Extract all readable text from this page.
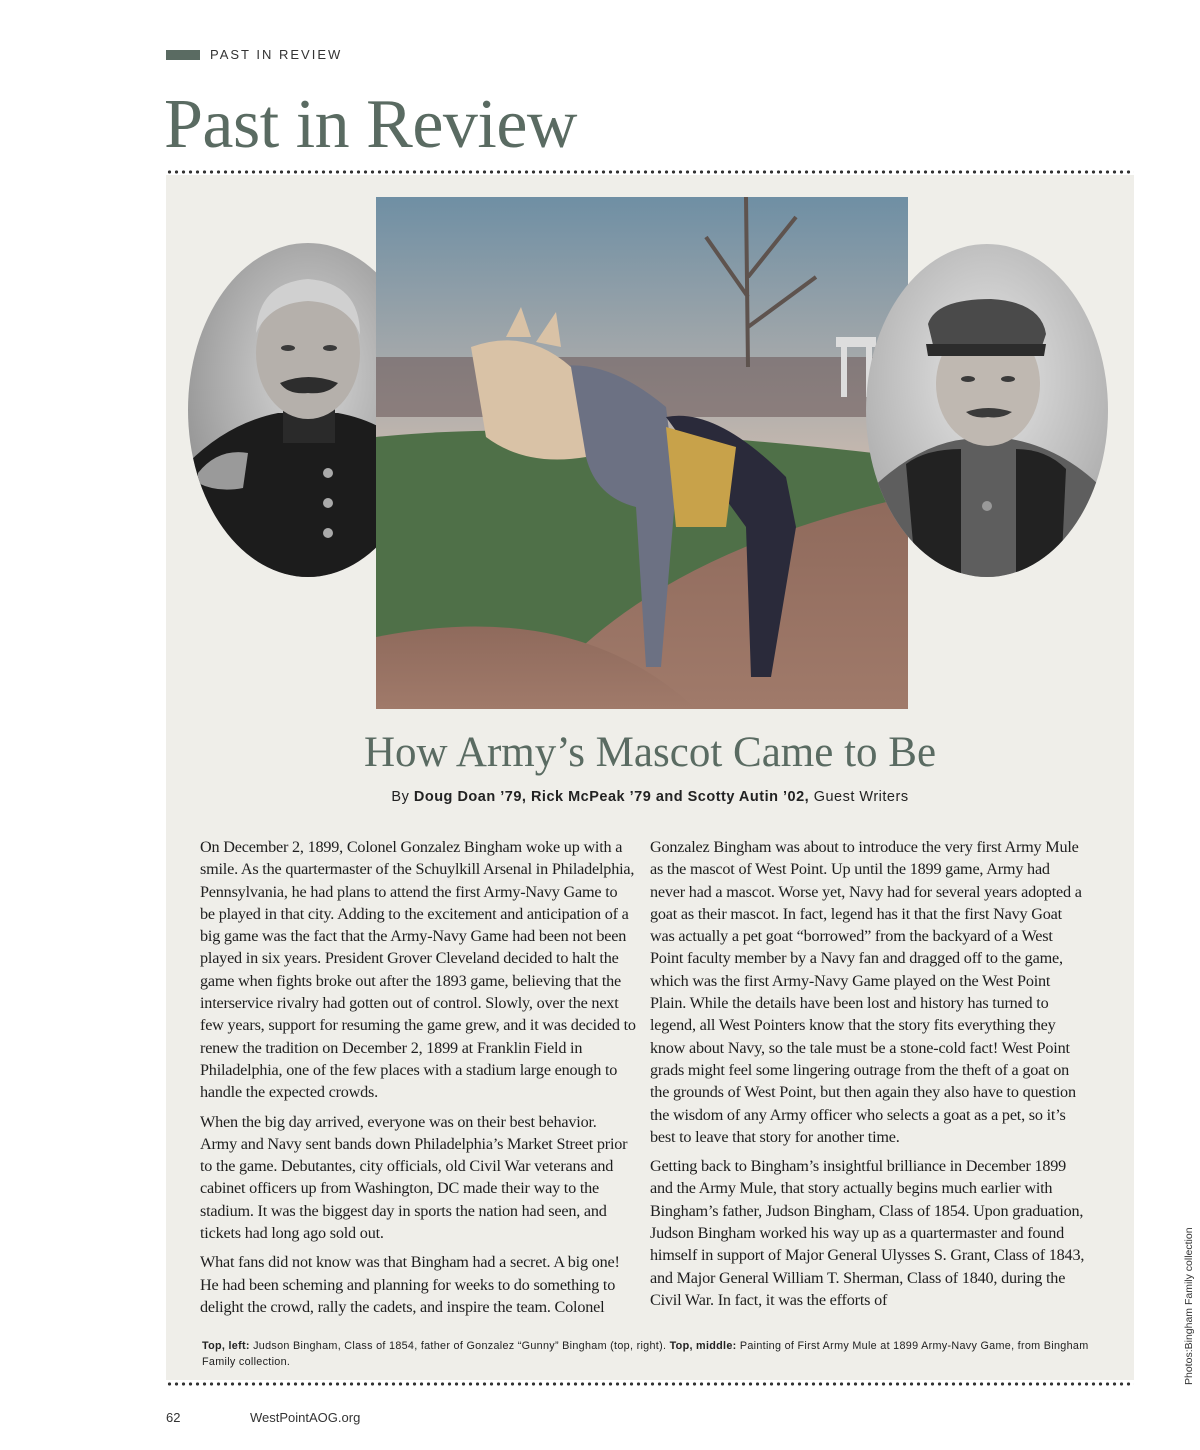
PAST IN REVIEW
Past in Review
How Army’s Mascot Came to Be
By Doug Doan ’79, Rick McPeak ’79 and Scotty Autin ’02, Guest Writers

On December 2, 1899, Colonel Gonzalez Bingham woke up with a smile. As the quartermaster of the Schuylkill Arsenal in Philadelphia, Pennsylvania, he had plans to attend the first Army-Navy Game to be played in that city. Adding to the excitement and anticipation of a big game was the fact that the Army-Navy Game had been not been played in six years. President Grover Cleveland decided to halt the game when fights broke out after the 1893 game, believing that the interservice rivalry had gotten out of control. Slowly, over the next few years, support for resuming the game grew, and it was decided to renew the tradition on December 2, 1899 at Franklin Field in Philadelphia, one of the few places with a stadium large enough to handle the expected crowds.

When the big day arrived, everyone was on their best behavior. Army and Navy sent bands down Philadelphia’s Market Street prior to the game. Debutantes, city officials, old Civil War veterans and cabinet officers up from Washington, DC made their way to the stadium. It was the biggest day in sports the nation had seen, and tickets had long ago sold out.

What fans did not know was that Bingham had a secret. A big one! He had been scheming and planning for weeks to do something to delight the crowd, rally the cadets, and inspire the team. Colonel

Gonzalez Bingham was about to introduce the very first Army Mule as the mascot of West Point. Up until the 1899 game, Army had never had a mascot. Worse yet, Navy had for several years adopted a goat as their mascot. In fact, legend has it that the first Navy Goat was actually a pet goat “borrowed” from the backyard of a West Point faculty member by a Navy fan and dragged off to the game, which was the first Army-Navy Game played on the West Point Plain. While the details have been lost and history has turned to legend, all West Pointers know that the story fits everything they know about Navy, so the tale must be a stone-cold fact! West Point grads might feel some lingering outrage from the theft of a goat on the grounds of West Point, but then again they also have to question the wisdom of any Army officer who selects a goat as a pet, so it’s best to leave that story for another time.

Getting back to Bingham’s insightful brilliance in December 1899 and the Army Mule, that story actually begins much earlier with Bingham’s father, Judson Bingham, Class of 1854. Upon graduation, Judson Bingham worked his way up as a quartermaster and found himself in support of Major General Ulysses S. Grant, Class of 1843, and Major General William T. Sherman, Class of 1840, during the Civil War. In fact, it was the efforts of

Top, left: Judson Bingham, Class of 1854, father of Gonzalez “Gunny” Bingham (top, right). Top, middle: Painting of First Army Mule at 1899 Army-Navy Game, from Bingham Family collection.	Photos:Bingham Family collection
62	WestPointAOG.org
